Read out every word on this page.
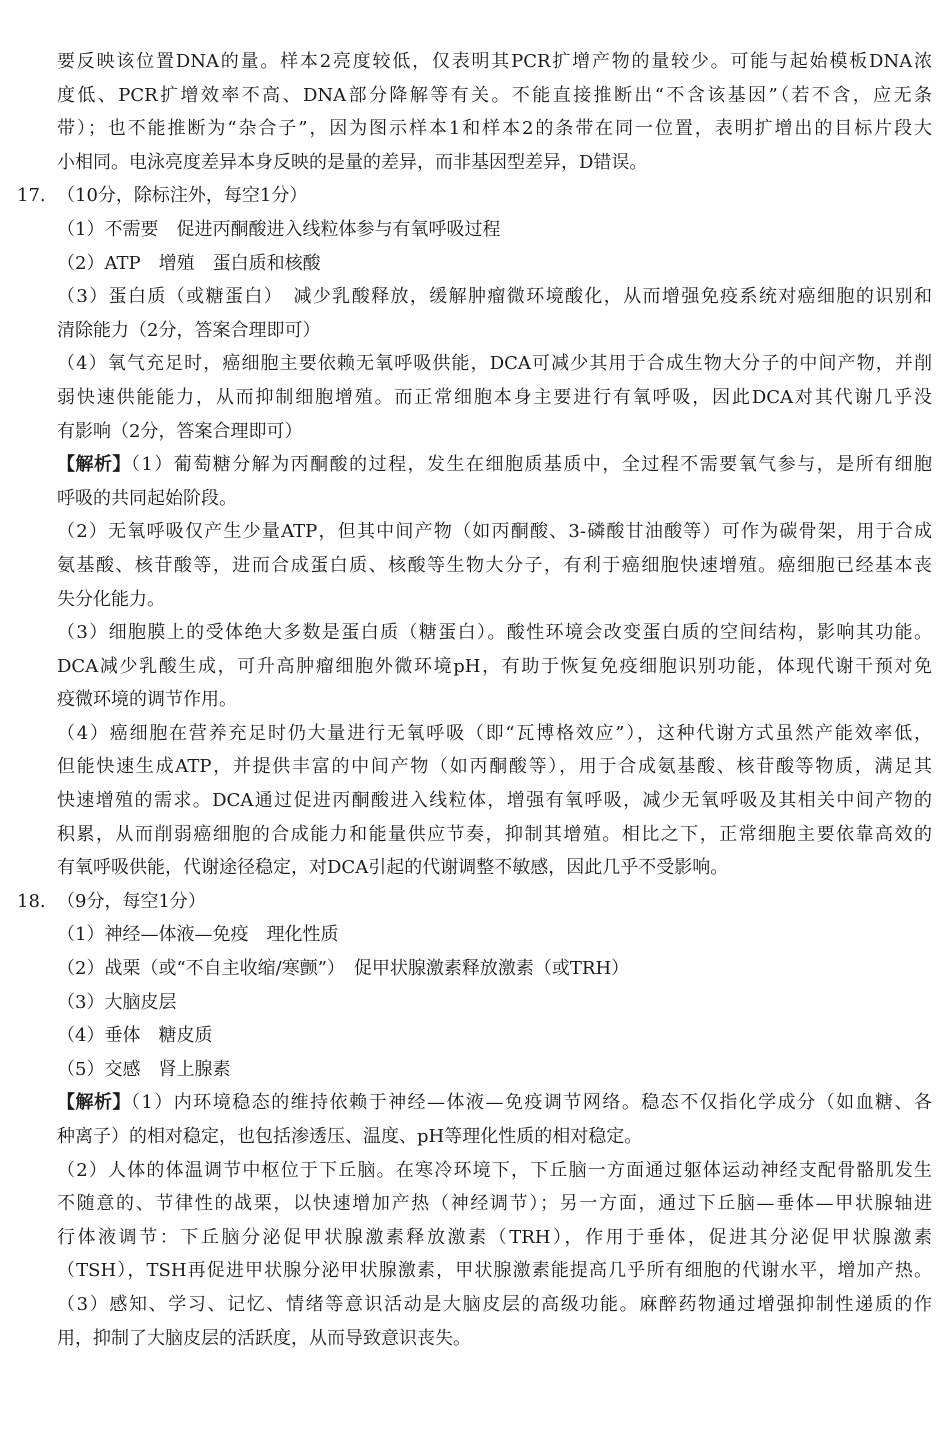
要反映该位置DNA的量。样本2亮度较低，仅表明其PCR扩增产物的量较少。可能与起始模板DNA浓
度低、PCR扩增效率不高、DNA部分降解等有关。不能直接推断出“不含该基因”（若不含，应无条
带）；也不能推断为“杂合子”，因为图示样本1和样本2的条带在同一位置，表明扩增出的目标片段大
小相同。电泳亮度差异本身反映的是量的差异，而非基因型差异，D错误。
17. （10分，除标注外，每空1分）
（1）不需要　促进丙酮酸进入线粒体参与有氧呼吸过程
（2）ATP　增殖　蛋白质和核酸
（3）蛋白质（或糖蛋白）　减少乳酸释放，缓解肿瘤微环境酸化，从而增强免疫系统对癌细胞的识别和
清除能力（2分，答案合理即可）
（4）氧气充足时，癌细胞主要依赖无氧呼吸供能，DCA可减少其用于合成生物大分子的中间产物，并削
弱快速供能能力，从而抑制细胞增殖。而正常细胞本身主要进行有氧呼吸，因此DCA对其代谢几乎没
有影响（2分，答案合理即可）
【解析】（1）葡萄糖分解为丙酮酸的过程，发生在细胞质基质中，全过程不需要氧气参与，是所有细胞
呼吸的共同起始阶段。
（2）无氧呼吸仅产生少量ATP，但其中间产物（如丙酮酸、3-磷酸甘油酸等）可作为碳骨架，用于合成
氨基酸、核苷酸等，进而合成蛋白质、核酸等生物大分子，有利于癌细胞快速增殖。癌细胞已经基本丧
失分化能力。
（3）细胞膜上的受体绝大多数是蛋白质（糖蛋白）。酸性环境会改变蛋白质的空间结构，影响其功能。
DCA减少乳酸生成，可升高肿瘤细胞外微环境pH，有助于恢复免疫细胞识别功能，体现代谢干预对免
疫微环境的调节作用。
（4）癌细胞在营养充足时仍大量进行无氧呼吸（即“瓦博格效应”），这种代谢方式虽然产能效率低，
但能快速生成ATP，并提供丰富的中间产物（如丙酮酸等），用于合成氨基酸、核苷酸等物质，满足其
快速增殖的需求。DCA通过促进丙酮酸进入线粒体，增强有氧呼吸，减少无氧呼吸及其相关中间产物的
积累，从而削弱癌细胞的合成能力和能量供应节奏，抑制其增殖。相比之下，正常细胞主要依靠高效的
有氧呼吸供能，代谢途径稳定，对DCA引起的代谢调整不敏感，因此几乎不受影响。
18. （9分，每空1分）
（1）神经—体液—免疫　理化性质
（2）战栗（或“不自主收缩/寒颤”）　促甲状腺激素释放激素（或TRH）
（3）大脑皮层
（4）垂体　糖皮质
（5）交感　肾上腺素
【解析】（1）内环境稳态的维持依赖于神经—体液—免疫调节网络。稳态不仅指化学成分（如血糖、各
种离子）的相对稳定，也包括渗透压、温度、pH等理化性质的相对稳定。
（2）人体的体温调节中枢位于下丘脑。在寒冷环境下，下丘脑一方面通过躯体运动神经支配骨骼肌发生
不随意的、节律性的战栗，以快速增加产热（神经调节）；另一方面，通过下丘脑—垂体—甲状腺轴进
行体液调节：下丘脑分泌促甲状腺激素释放激素（TRH），作用于垂体，促进其分泌促甲状腺激素
（TSH），TSH再促进甲状腺分泌甲状腺激素，甲状腺激素能提高几乎所有细胞的代谢水平，增加产热。
（3）感知、学习、记忆、情绪等意识活动是大脑皮层的高级功能。麻醉药物通过增强抑制性递质的作
用，抑制了大脑皮层的活跃度，从而导致意识丧失。
